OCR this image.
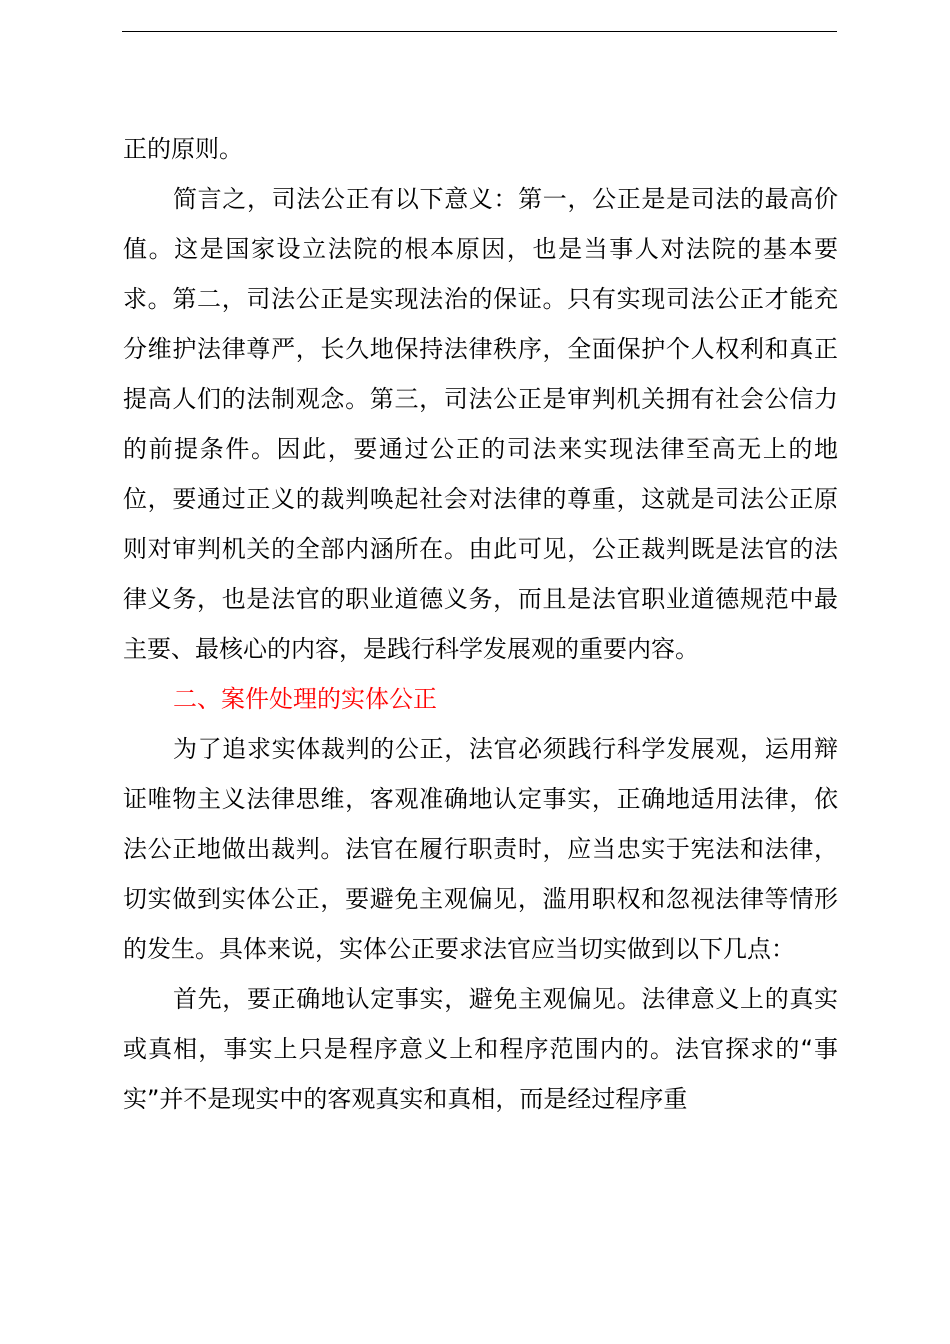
正的原则。

简言之，司法公正有以下意义：第一，公正是是司法的最高价值。这是国家设立法院的根本原因，也是当事人对法院的基本要求。第二，司法公正是实现法治的保证。只有实现司法公正才能充分维护法律尊严，长久地保持法律秩序，全面保护个人权利和真正提高人们的法制观念。第三，司法公正是审判机关拥有社会公信力的前提条件。因此，要通过公正的司法来实现法律至高无上的地位，要通过正义的裁判唤起社会对法律的尊重，这就是司法公正原则对审判机关的全部内涵所在。由此可见，公正裁判既是法官的法律义务，也是法官的职业道德义务，而且是法官职业道德规范中最主要、最核心的内容，是践行科学发展观的重要内容。

二、案件处理的实体公正

为了追求实体裁判的公正，法官必须践行科学发展观，运用辩证唯物主义法律思维，客观准确地认定事实，正确地适用法律，依法公正地做出裁判。法官在履行职责时，应当忠实于宪法和法律，切实做到实体公正，要避免主观偏见，滥用职权和忽视法律等情形的发生。具体来说，实体公正要求法官应当切实做到以下几点：

首先，要正确地认定事实，避免主观偏见。法律意义上的真实或真相，事实上只是程序意义上和程序范围内的。法官探求的“事实”并不是现实中的客观真实和真相，而是经过程序重
